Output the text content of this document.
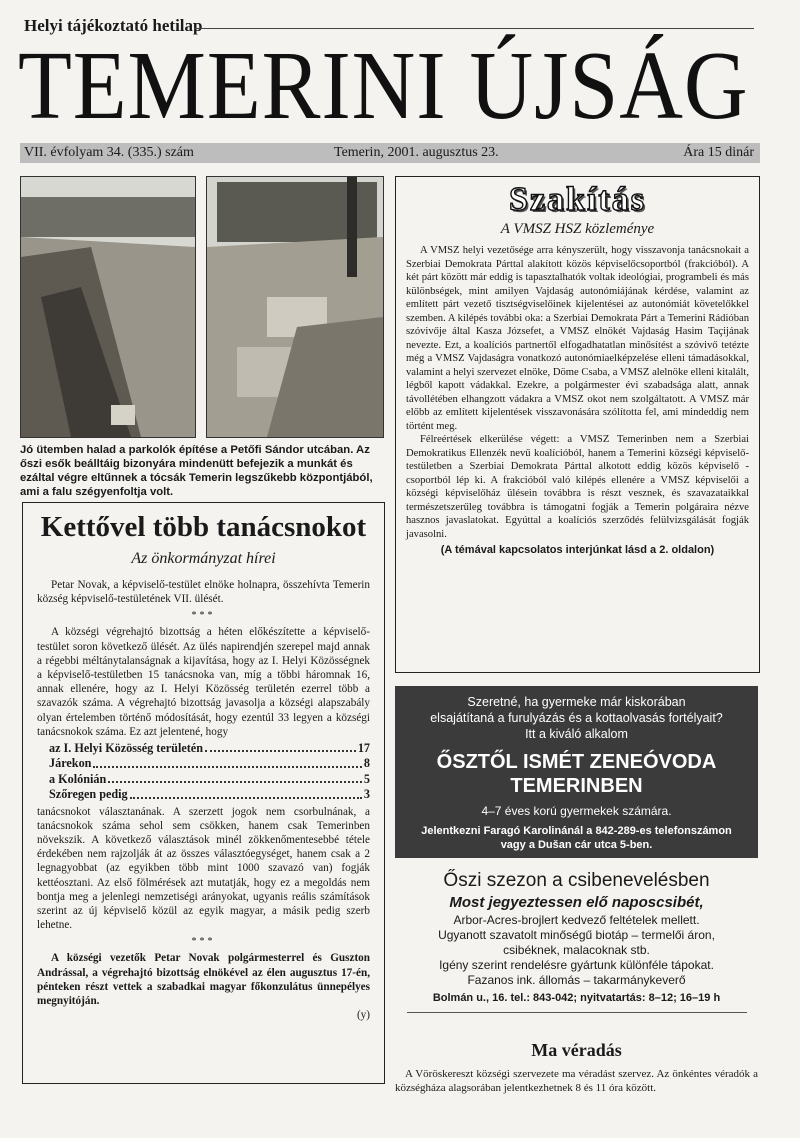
Helyi tájékoztató hetilap
TEMERINI ÚJSÁG
VII. évfolyam 34. (335.) szám	Temerin, 2001. augusztus 23.	Ára 15 dinár
Jó ütemben halad a parkolók építése a Petőfi Sándor utcában. Az őszi esők beálltáig bizonyára mindenütt befejezik a munkát és ezáltal végre eltűnnek a tócsák Temerin legszűkebb központjából, ami a falu szégyenfoltja volt.
Kettővel több tanácsnokot
Az önkormányzat hírei
Petar Novak, a képviselő-testület elnöke holnapra, összehívta Temerin község képviselő-testületének VII. ülését.
***
A községi végrehajtó bizottság a héten előkészítette a képviselő-testület soron következő ülését. Az ülés napirendjén szerepel majd annak a régebbi méltánytalanságnak a kijavítása, hogy az I. Helyi Közösségnek a képviselő-testületben 15 tanácsnoka van, míg a többi háromnak 16, annak ellenére, hogy az I. Helyi Közösség területén ezerrel több a szavazók száma. A végrehajtó bizottság javasolja a községi alapszabály olyan értelemben történő módosítását, hogy ezentúl 33 legyen a községi tanácsnokok száma. Ez azt jelentené, hogy
az I. Helyi Közösség területén	17
Járekon	8
a Kolónián	5
Szőregen pedig	3
tanácsnokot választanának. A szerzett jogok nem csorbulnának, a tanácsnokok száma sehol sem csökken, hanem csak Temerinben növekszik. A következő választások minél zökkenőmentesebbé tétele érdekében nem rajzolják át az összes választóegységet, hanem csak a 2 legnagyobbat (az egyikben több mint 1000 szavazó van) fogják kettéosztani. Az első fölmérések azt mutatják, hogy ez a megoldás nem bontja meg a jelenlegi nemzetiségi arányokat, ugyanis reális számítások szerint az új képviselő közül az egyik magyar, a másik pedig szerb lehetne.
***
A községi vezetők Petar Novak polgármesterrel és Guszton Andrással, a végrehajtó bizottság elnökével az élen augusztus 17-én, pénteken részt vettek a szabadkai magyar főkonzulátus ünnepélyes megnyitóján.
(y)
Szakítás
A VMSZ HSZ közleménye
A VMSZ helyi vezetősége arra kényszerült, hogy visszavonja tanácsnokait a Szerbiai Demokrata Párttal alakított közös képviselőcsoportból (frakcióból). A két párt között már eddig is tapasztalhatók voltak ideológiai, programbeli és más különbségek, mint amilyen Vajdaság autonómiájának kérdése, valamint az említett párt vezető tisztségviselőinek kijelentései az autonómiát követelőkkel szemben. A kilépés további oka: a Szerbiai Demokrata Párt a Temerini Rádióban szóvivője által Kasza Józsefet, a VMSZ elnökét Vajdaság Hasim Taçijának nevezte. Ezt, a koalíciós partnertől elfogadhatatlan minősítést a szóvivő tetézte még a VMSZ Vajdaságra vonatkozó autonómiaelképzelése elleni támadásokkal, valamint a helyi szervezet elnöke, Döme Csaba, a VMSZ alelnöke elleni kitalált, légből kapott vádakkal. Ezekre, a polgármester évi szabadsága alatt, annak távollétében elhangzott vádakra a VMSZ okot nem szolgáltatott. A VMSZ már előbb az említett kijelentések visszavonására szólította fel, ami mindeddig nem történt meg.
Félreértések elkerülése végett: a VMSZ Temerinben nem a Szerbiai Demokratikus Ellenzék nevű koalícióból, hanem a Temerini községi képviselő-testületben a Szerbiai Demokrata Párttal alkotott eddig közös képviselő -csoportból lép ki. A frakcióból való kilépés ellenére a VMSZ képviselői a községi képviselőház ülésein továbbra is részt vesznek, és szavazataikkal természetszerűleg továbbra is támogatni fogják a Temerin polgáraira nézve hasznos javaslatokat. Egyúttal a koalíciós szerződés felülvizsgálását fogják javasolni.
(A témával kapcsolatos interjúnkat lásd a 2. oldalon)
Szeretné, ha gyermeke már kiskorában
elsajátítaná a furulyázás és a kottaolvasás fortélyait?
Itt a kiváló alkalom
ŐSZTŐL ISMÉT ZENEÓVODA
TEMERINBEN
4–7 éves korú gyermekek számára.
Jelentkezni Faragó Karolinánál a 842-289-es telefonszámon
vagy a Dušan cár utca 5-ben.
Őszi szezon a csibenevelésben
Most jegyeztessen elő naposcsibét,
Arbor-Acres-brojlert kedvező feltételek mellett.
Ugyanott szavatolt minőségű biotáp – termelői áron,
csibéknek, malacoknak stb.
Igény szerint rendelésre gyártunk különféle tápokat.
Fazanos ink. állomás – takarmánykeverő
Bolmán u., 16. tel.: 843-042; nyitvatartás: 8–12; 16–19 h
Ma véradás
A Vöröskereszt községi szervezete ma véradást szervez. Az önkéntes véradók a községháza alagsorában jelentkezhetnek 8 és 11 óra között.
